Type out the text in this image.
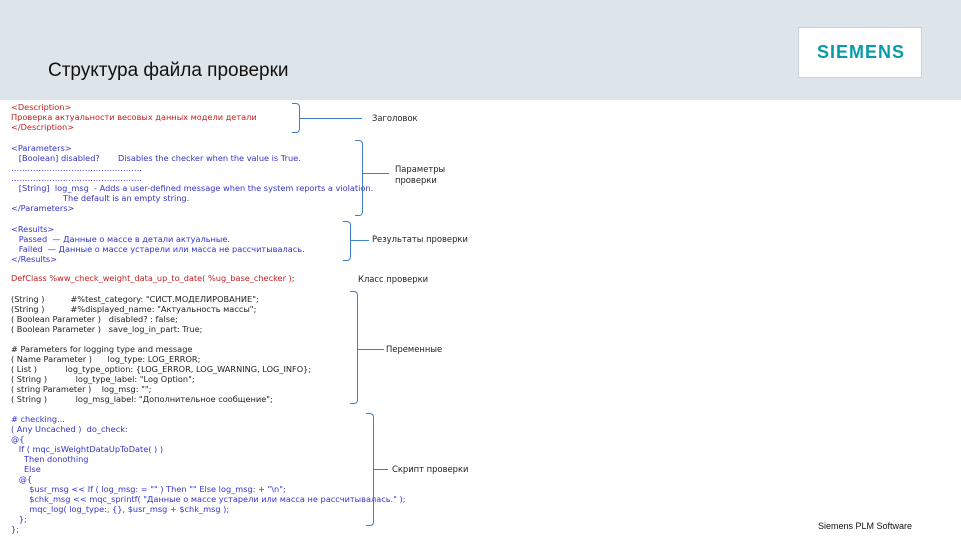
Структура файла проверки
SIEMENS
<Description>
Проверка актуальности весовых данных модели детали
</Description>
<Parameters>
[Boolean] disabled?       Disables the checker when the value is True.
…………………………………………
…………………………………………
[String]  log_msg  - Adds a user-defined message when the system reports a violation.
The default is an empty string.
</Parameters>
<Results>
Passed  — Данные о массе в детали актуальные.
Failed  — Данные о массе устарели или масса не рассчитывалась.
</Results>
DefClass %ww_check_weight_data_up_to_date( %ug_base_checker );
(String )          #%test_category: "СИСТ.МОДЕЛИРОВАНИЕ";
(String )          #%displayed_name: "Актуальность массы";
( Boolean Parameter )   disabled? : false;
( Boolean Parameter )   save_log_in_part: True;

# Parameters for logging type and message
( Name Parameter )      log_type: LOG_ERROR;
( List )           log_type_option: {LOG_ERROR, LOG_WARNING, LOG_INFO};
( String )           log_type_label: "Log Option";
( string Parameter )    log_msg: "";
( String )           log_msg_label: "Дополнительное сообщение";
# checking...
( Any Uncached )  do_check:
@{
If ( mqc_isWeightDataUpToDate( ) )
Then donothing
Else
@{
$usr_msg << If ( log_msg: = "" ) Then "" Else log_msg: + "\n";
$chk_msg << mqc_sprintf( "Данные о массе устарели или масса не рассчитывалась." );
mqc_log( log_type:, {}, $usr_msg + $chk_msg );
};
};
Заголовок
Параметры
проверки
Результаты проверки
Класс проверки
Переменные
Скрипт проверки
Siemens PLM Software
